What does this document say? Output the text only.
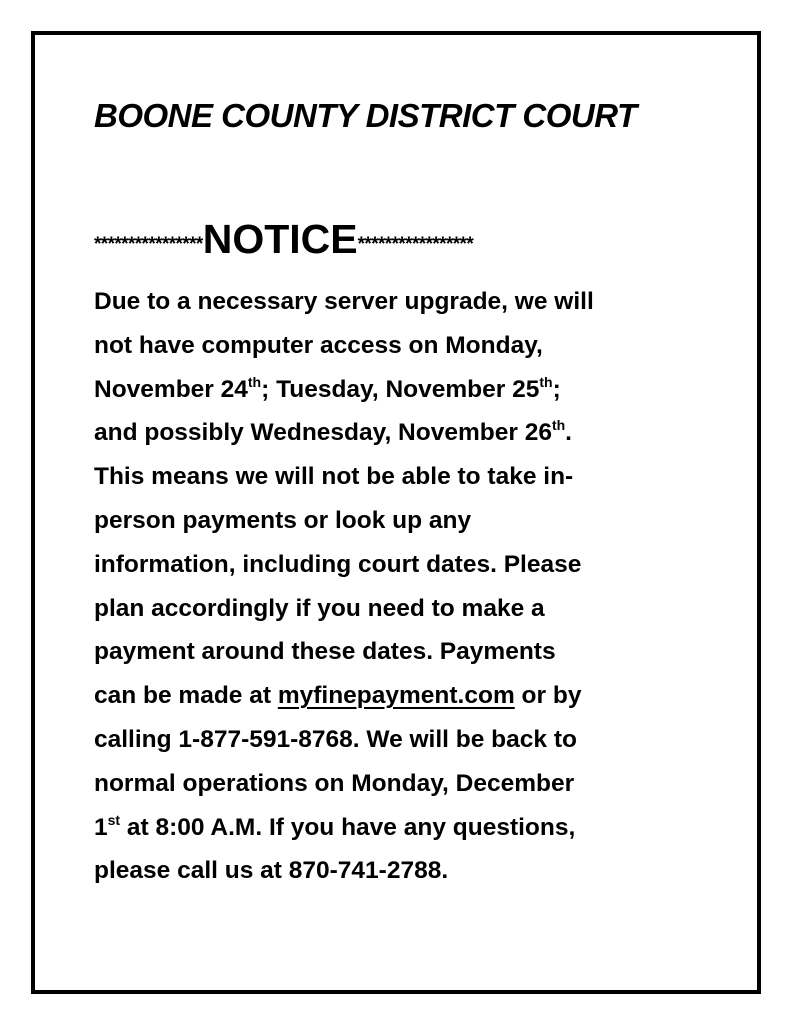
BOONE COUNTY DISTRICT COURT
****************NOTICE*****************
Due to a necessary server upgrade, we will
not have computer access on Monday,
November 24th; Tuesday, November 25th;
and possibly Wednesday, November 26th.
This means we will not be able to take in-
person payments or look up any
information, including court dates. Please
plan accordingly if you need to make a
payment around these dates. Payments
can be made at myfinepayment.com or by
calling 1-877-591-8768. We will be back to
normal operations on Monday, December
1st at 8:00 A.M. If you have any questions,
please call us at 870-741-2788.
